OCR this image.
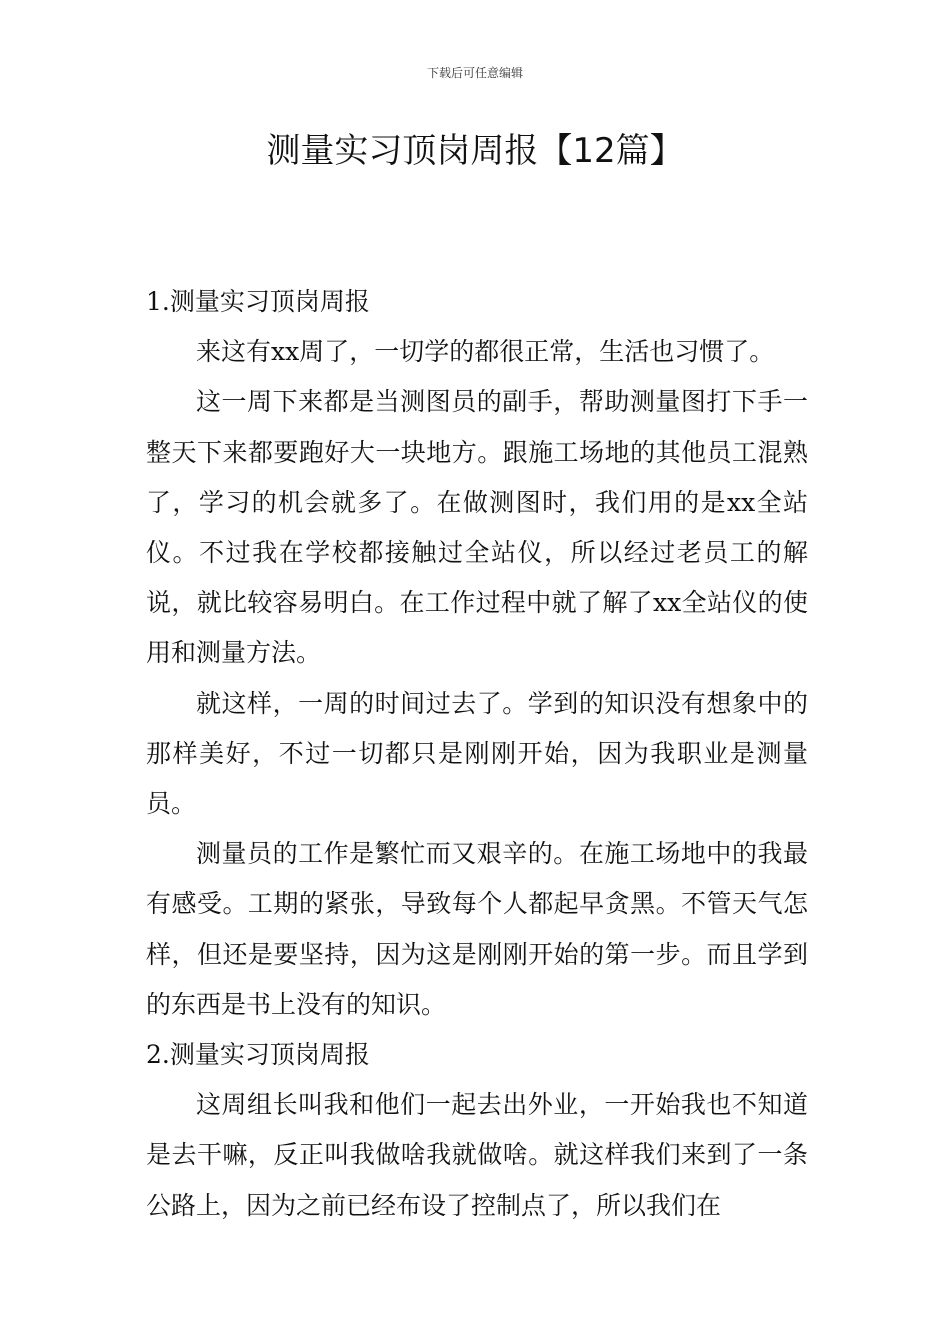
下载后可任意编辑
测量实习顶岗周报【12篇】

1.测量实习顶岗周报

来这有xx周了，一切学的都很正常，生活也习惯了。

这一周下来都是当测图员的副手，帮助测量图打下手一整天下来都要跑好大一块地方。跟施工场地的其他员工混熟了，学习的机会就多了。在做测图时，我们用的是xx全站仪。不过我在学校都接触过全站仪，所以经过老员工的解说，就比较容易明白。在工作过程中就了解了xx全站仪的使用和测量方法。

就这样，一周的时间过去了。学到的知识没有想象中的那样美好，不过一切都只是刚刚开始，因为我职业是测量员。

测量员的工作是繁忙而又艰辛的。在施工场地中的我最有感受。工期的紧张，导致每个人都起早贪黑。不管天气怎样，但还是要坚持，因为这是刚刚开始的第一步。而且学到的东西是书上没有的知识。

2.测量实习顶岗周报

这周组长叫我和他们一起去出外业，一开始我也不知道是去干嘛，反正叫我做啥我就做啥。就这样我们来到了一条公路上，因为之前已经布设了控制点了，所以我们在
